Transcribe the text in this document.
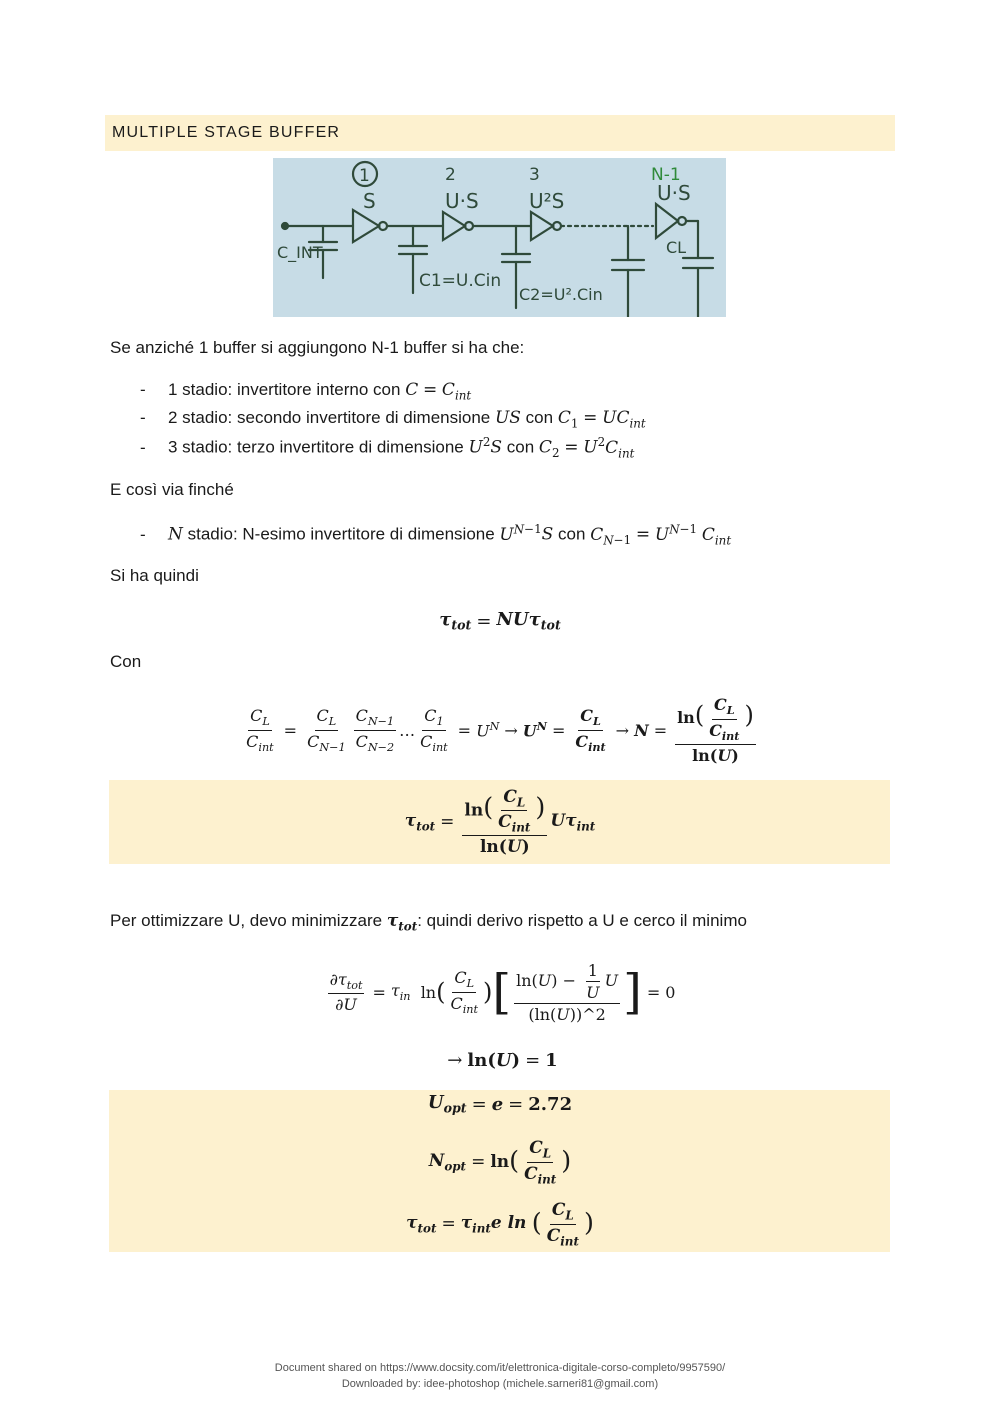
MULTIPLE STAGE BUFFER
1	2	3	N-1
S	U·S	U²S	U·S
C_INT
C1=U.Cin
C2=U².Cin
CL
Se anziché 1 buffer si aggiungono N-1 buffer si ha che:
- 1 stadio: invertitore interno con $C = C_{int}$
- 2 stadio: secondo invertitore di dimensione US con $C_1 = UC_{int}$
- 3 stadio: terzo invertitore di dimensione $U^2S$ con $C_2 = U^2C_{int}$
E così via finché
- N stadio: N-esimo invertitore di dimensione $U^{N-1}S$ con $C_{N-1} = U^{N-1}$ $C_{int}$
Si ha quindi
$\tau_{tot} = NU\tau_{tot}$
Con
$\frac{C_L}{C_{int}} = \frac{C_L}{C_{N-1}} \frac{C_{N-1}}{C_{N-2}}$ … $\frac{C_1}{C_{int}} = U^N \to U^N = \frac{C_L}{C_{int}} \to N = \frac{\ln( \frac{C_L}{C_{int}} )}{\ln(U)}$
$\tau_{tot} = \frac{\ln( \frac{C_L}{C_{int}} )}{\ln(U)} U\tau_{int}$
Per ottimizzare U, devo minimizzare $\tau_{tot}$: quindi derivo rispetto a U e cerco il minimo
$\frac{\partial\tau_{tot}}{\partial U} = \tau_{in}$
ln ( $\frac{C_L}{C_{int}}$ ) [ $\frac{\ln(U) - \frac{1}{U} U}{(\ln(U))\^{}2}$ ] = 0
→ ln( U ) = 1
$U_{opt} = e = 2.72$
$N_{opt} = \ln$ ( $\frac{C_L}{C_{int}}$ )
$\tau_{tot} = \tau_{int}e$ ln
( $\frac{C_L}{C_{int}}$ )
Document shared on https://www.docsity.com/it/elettronica-digitale-corso-completo/9957590/
Downloaded by: idee-photoshop (michele.sarneri81@gmail.com)
